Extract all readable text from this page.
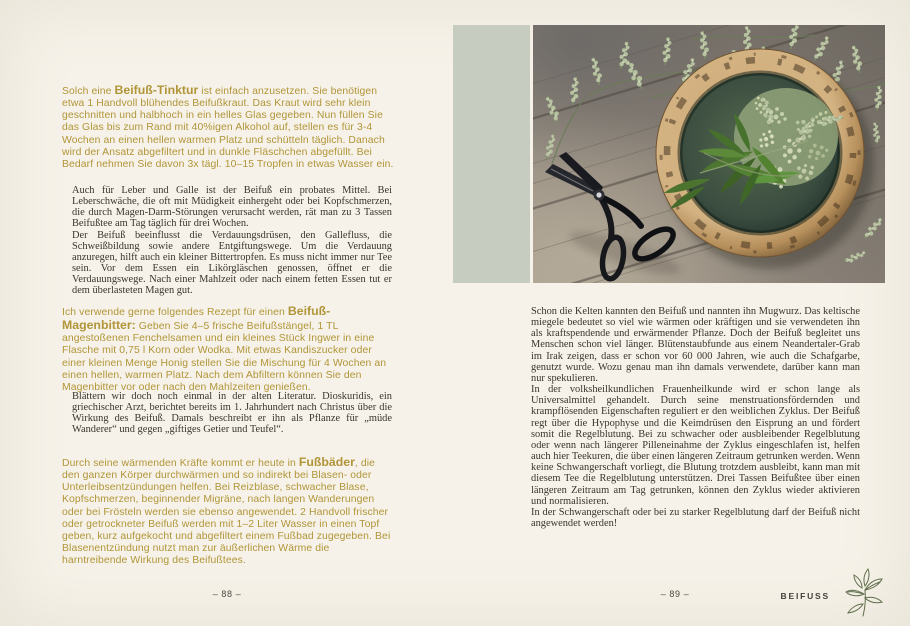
Solch eine Beifuß-Tinktur ist einfach anzusetzen. Sie benötigen etwa 1 Handvoll blühendes Beifußkraut. Das Kraut wird sehr klein geschnitten und halbhoch in ein helles Glas gegeben. Nun füllen Sie das Glas bis zum Rand mit 40%igen Alkohol auf, stellen es für 3-4 Wochen an einen hellen warmen Platz und schütteln täglich. Danach wird der Ansatz abgefiltert und in dunkle Fläschchen abgefüllt. Bei Bedarf nehmen Sie davon 3x tägl. 10–15 Tropfen in etwas Wasser ein.

Auch für Leber und Galle ist der Beifuß ein probates Mittel. Bei Leberschwäche, die oft mit Müdigkeit einhergeht oder bei Kopfschmerzen, die durch Magen-Darm-Störungen verursacht werden, rät man zu 3 Tassen Beifußtee am Tag täglich für drei Wochen.

Der Beifuß beeinflusst die Verdauungsdrüsen, den Gallefluss, die Schweißbildung sowie andere Entgiftungswege. Um die Verdauung anzuregen, hilft auch ein kleiner Bittertropfen. Es muss nicht immer nur Tee sein. Vor dem Essen ein Likörgläschen genossen, öffnet er die Verdauungswege. Nach einer Mahlzeit oder nach einem fetten Essen tut er dem überlasteten Magen gut.

Ich verwende gerne folgendes Rezept für einen Beifuß-Magenbitter: Geben Sie 4–5 frische Beifußstängel, 1 TL angestoßenen Fenchelsamen und ein kleines Stück Ingwer in eine Flasche mit 0,75 l Korn oder Wodka. Mit etwas Kandiszucker oder einer kleinen Menge Honig stellen Sie die Mischung für 4 Wochen an einen hellen, warmen Platz. Nach dem Abfiltern können Sie den Magenbitter vor oder nach den Mahlzeiten genießen.

Blättern wir doch noch einmal in der alten Literatur. Dioskuridis, ein griechischer Arzt, berichtet bereits im 1. Jahrhundert nach Christus über die Wirkung des Beifuß. Damals beschreibt er ihn als Pflanze für „müde Wanderer“ und gegen „giftiges Getier und Teufel“.

Durch seine wärmenden Kräfte kommt er heute in Fußbäder, die den ganzen Körper durchwärmen und so indirekt bei Blasen- oder Unterleibsentzündungen helfen. Bei Reizblase, schwacher Blase, Kopfschmerzen, beginnender Migräne, nach langen Wanderungen oder bei Frösteln werden sie ebenso angewendet. 2 Handvoll frischer oder getrockneter Beifuß werden mit 1–2 Liter Wasser in einen Topf geben, kurz aufgekocht und abgefiltert einem Fußbad zugegeben. Bei Blasenentzündung nutzt man zur äußerlichen Wärme die harntreibende Wirkung des Beifußtees.

– 88 –

Schon die Kelten kannten den Beifuß und nannten ihn Mugwurz. Das keltische miegele bedeutet so viel wie wärmen oder kräftigen und sie verwendeten ihn als kraftspendende und erwärmender Pflanze. Doch der Beifuß begleitet uns Menschen schon viel länger. Blütenstaubfunde aus einem Neandertaler-Grab im Irak zeigen, dass er schon vor 60 000 Jahren, wie auch die Schafgarbe, genutzt wurde. Wozu genau man ihn damals verwendete, darüber kann man nur spekulieren.

In der volksheilkundlichen Frauenheilkunde wird er schon lange als Universalmittel gehandelt. Durch seine menstruationsfördernden und krampflösenden Eigenschaften reguliert er den weiblichen Zyklus. Der Beifuß regt über die Hypophyse und die Keimdrüsen den Eisprung an und fördert somit die Regelblutung. Bei zu schwacher oder ausbleibender Regelblutung oder wenn nach längerer Pilleneinahme der Zyklus eingeschlafen ist, helfen auch hier Teekuren, die über einen längeren Zeitraum getrunken werden. Wenn keine Schwangerschaft vorliegt, die Blutung trotzdem ausbleibt, kann man mit diesem Tee die Regelblutung unterstützen. Drei Tassen Beifußtee über einen längeren Zeitraum am Tag getrunken, können den Zyklus wieder aktivieren und normalisieren.

In der Schwangerschaft oder bei zu starker Regelblutung darf der Beifuß nicht angewendet werden!

– 89 –	BEIFUSS
